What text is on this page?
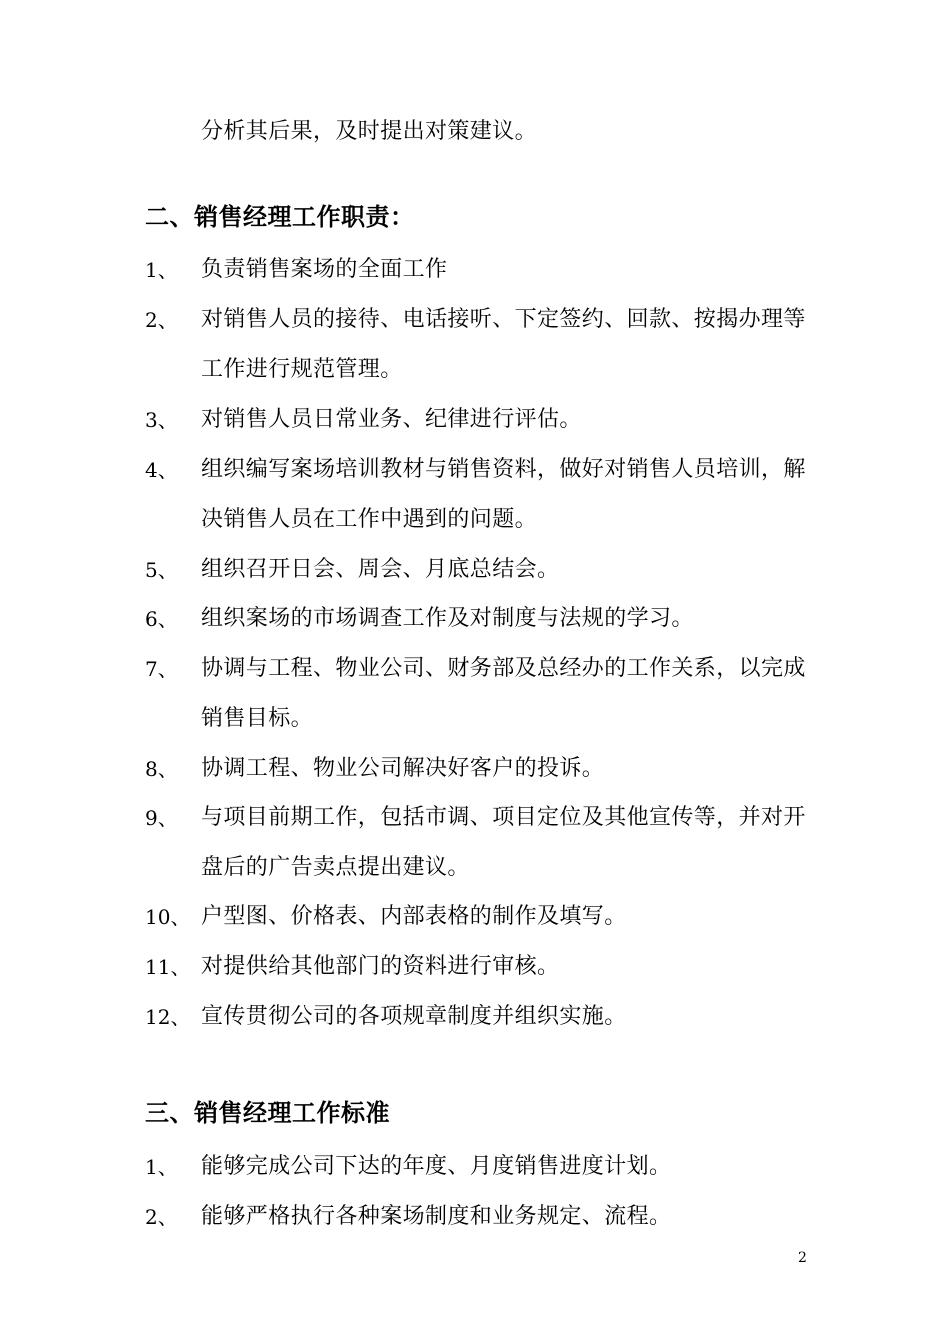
分析其后果，及时提出对策建议。
二、销售经理工作职责：
1、 负责销售案场的全面工作
2、 对销售人员的接待、电话接听、下定签约、回款、按揭办理等
工作进行规范管理。
3、 对销售人员日常业务、纪律进行评估。
4、 组织编写案场培训教材与销售资料，做好对销售人员培训，解
决销售人员在工作中遇到的问题。
5、 组织召开日会、周会、月底总结会。
6、 组织案场的市场调查工作及对制度与法规的学习。
7、 协调与工程、物业公司、财务部及总经办的工作关系，以完成
销售目标。
8、 协调工程、物业公司解决好客户的投诉。
9、 与项目前期工作，包括市调、项目定位及其他宣传等，并对开
盘后的广告卖点提出建议。
10、 户型图、价格表、内部表格的制作及填写。
11、 对提供给其他部门的资料进行审核。
12、 宣传贯彻公司的各项规章制度并组织实施。
三、销售经理工作标准
1、 能够完成公司下达的年度、月度销售进度计划。
2、 能够严格执行各种案场制度和业务规定、流程。
2
